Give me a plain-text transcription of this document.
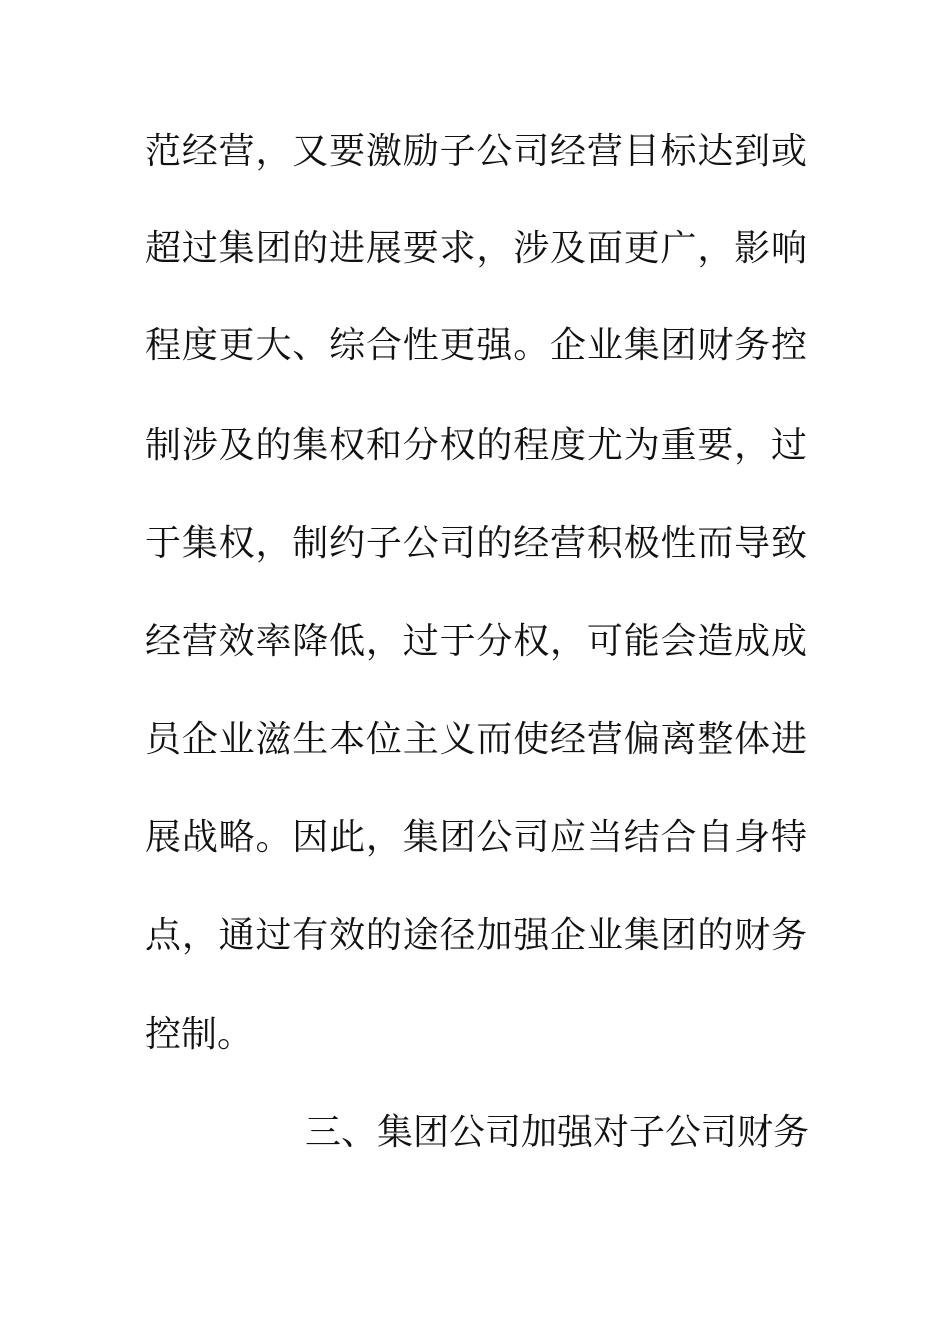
范经营，又要激励子公司经营目标达到或
超过集团的进展要求，涉及面更广，影响
程度更大、综合性更强。企业集团财务控
制涉及的集权和分权的程度尤为重要，过
于集权，制约子公司的经营积极性而导致
经营效率降低，过于分权，可能会造成成
员企业滋生本位主义而使经营偏离整体进
展战略。因此，集团公司应当结合自身特
点，通过有效的途径加强企业集团的财务
控制。
三、集团公司加强对子公司财务
